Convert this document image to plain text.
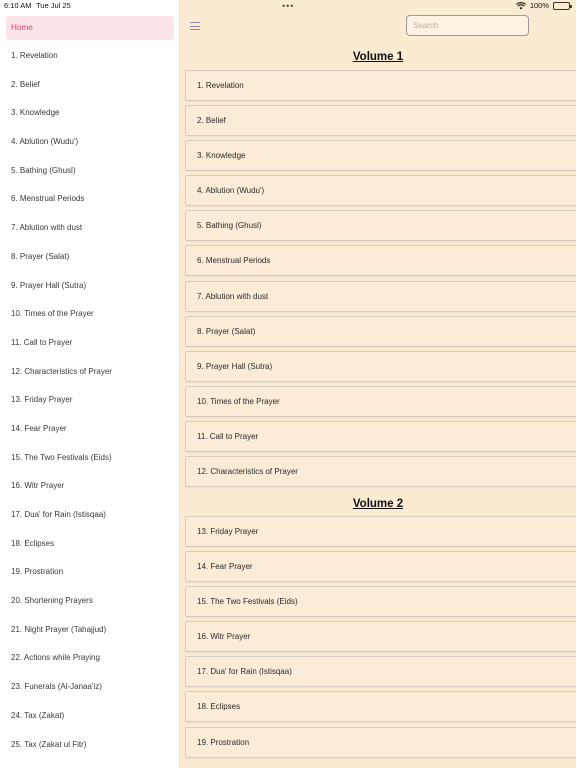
6:10 AM Tue Jul 25	•••	100%
Home
1. Revelation
2. Belief
3. Knowledge
4. Ablution (Wudu')
5. Bathing (Ghusl)
6. Menstrual Periods
7. Ablution with dust
8. Prayer (Salat)
9. Prayer Hall (Sutra)
10. Times of the Prayer
11. Call to Prayer
12. Characteristics of Prayer
13. Friday Prayer
14. Fear Prayer
15. The Two Festivals (Eids)
16. Witr Prayer
17. Dua' for Rain (Istisqaa)
18. Eclipses
19. Prostration
20. Shortening Prayers
21. Night Prayer (Tahajjud)
22. Actions while Praying
23. Funerals (Al-Janaa'iz)
24. Tax (Zakat)
25. Tax (Zakat ul Fitr)
Search
Volume 1
1. Revelation
2. Belief
3. Knowledge
4. Ablution (Wudu')
5. Bathing (Ghusl)
6. Menstrual Periods
7. Ablution with dust
8. Prayer (Salat)
9. Prayer Hall (Sutra)
10. Times of the Prayer
11. Call to Prayer
12. Characteristics of Prayer
Volume 2
13. Friday Prayer
14. Fear Prayer
15. The Two Festivals (Eids)
16. Witr Prayer
17. Dua' for Rain (Istisqaa)
18. Eclipses
19. Prostration
